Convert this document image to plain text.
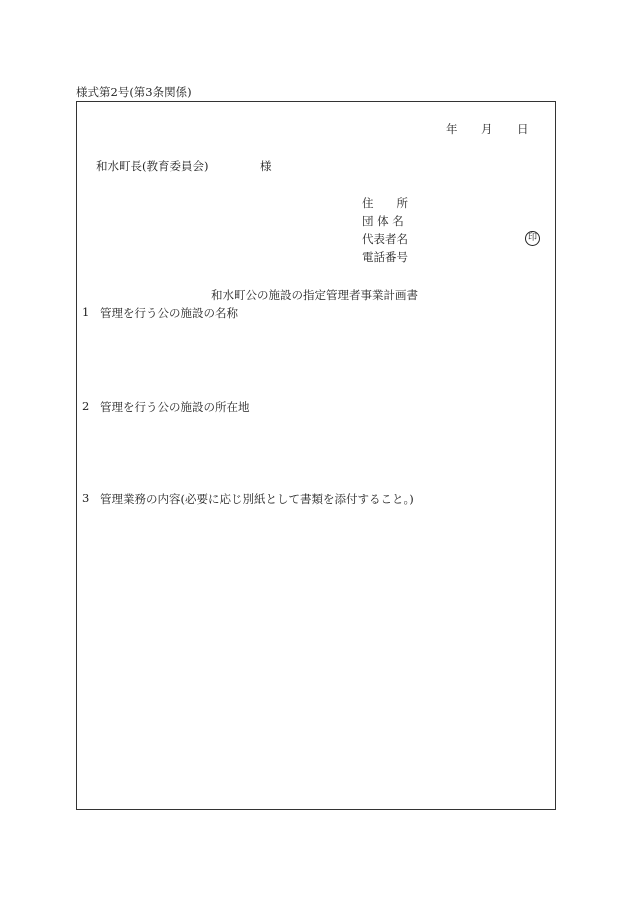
様式第2号(第3条関係)
年 月 日
和水町長(教育委員会)	様
住　　所
団 体 名
代表者名
電話番号
印
和水町公の施設の指定管理者事業計画書
1 管理を行う公の施設の名称
2 管理を行う公の施設の所在地
3 管理業務の内容(必要に応じ別紙として書類を添付すること。)
